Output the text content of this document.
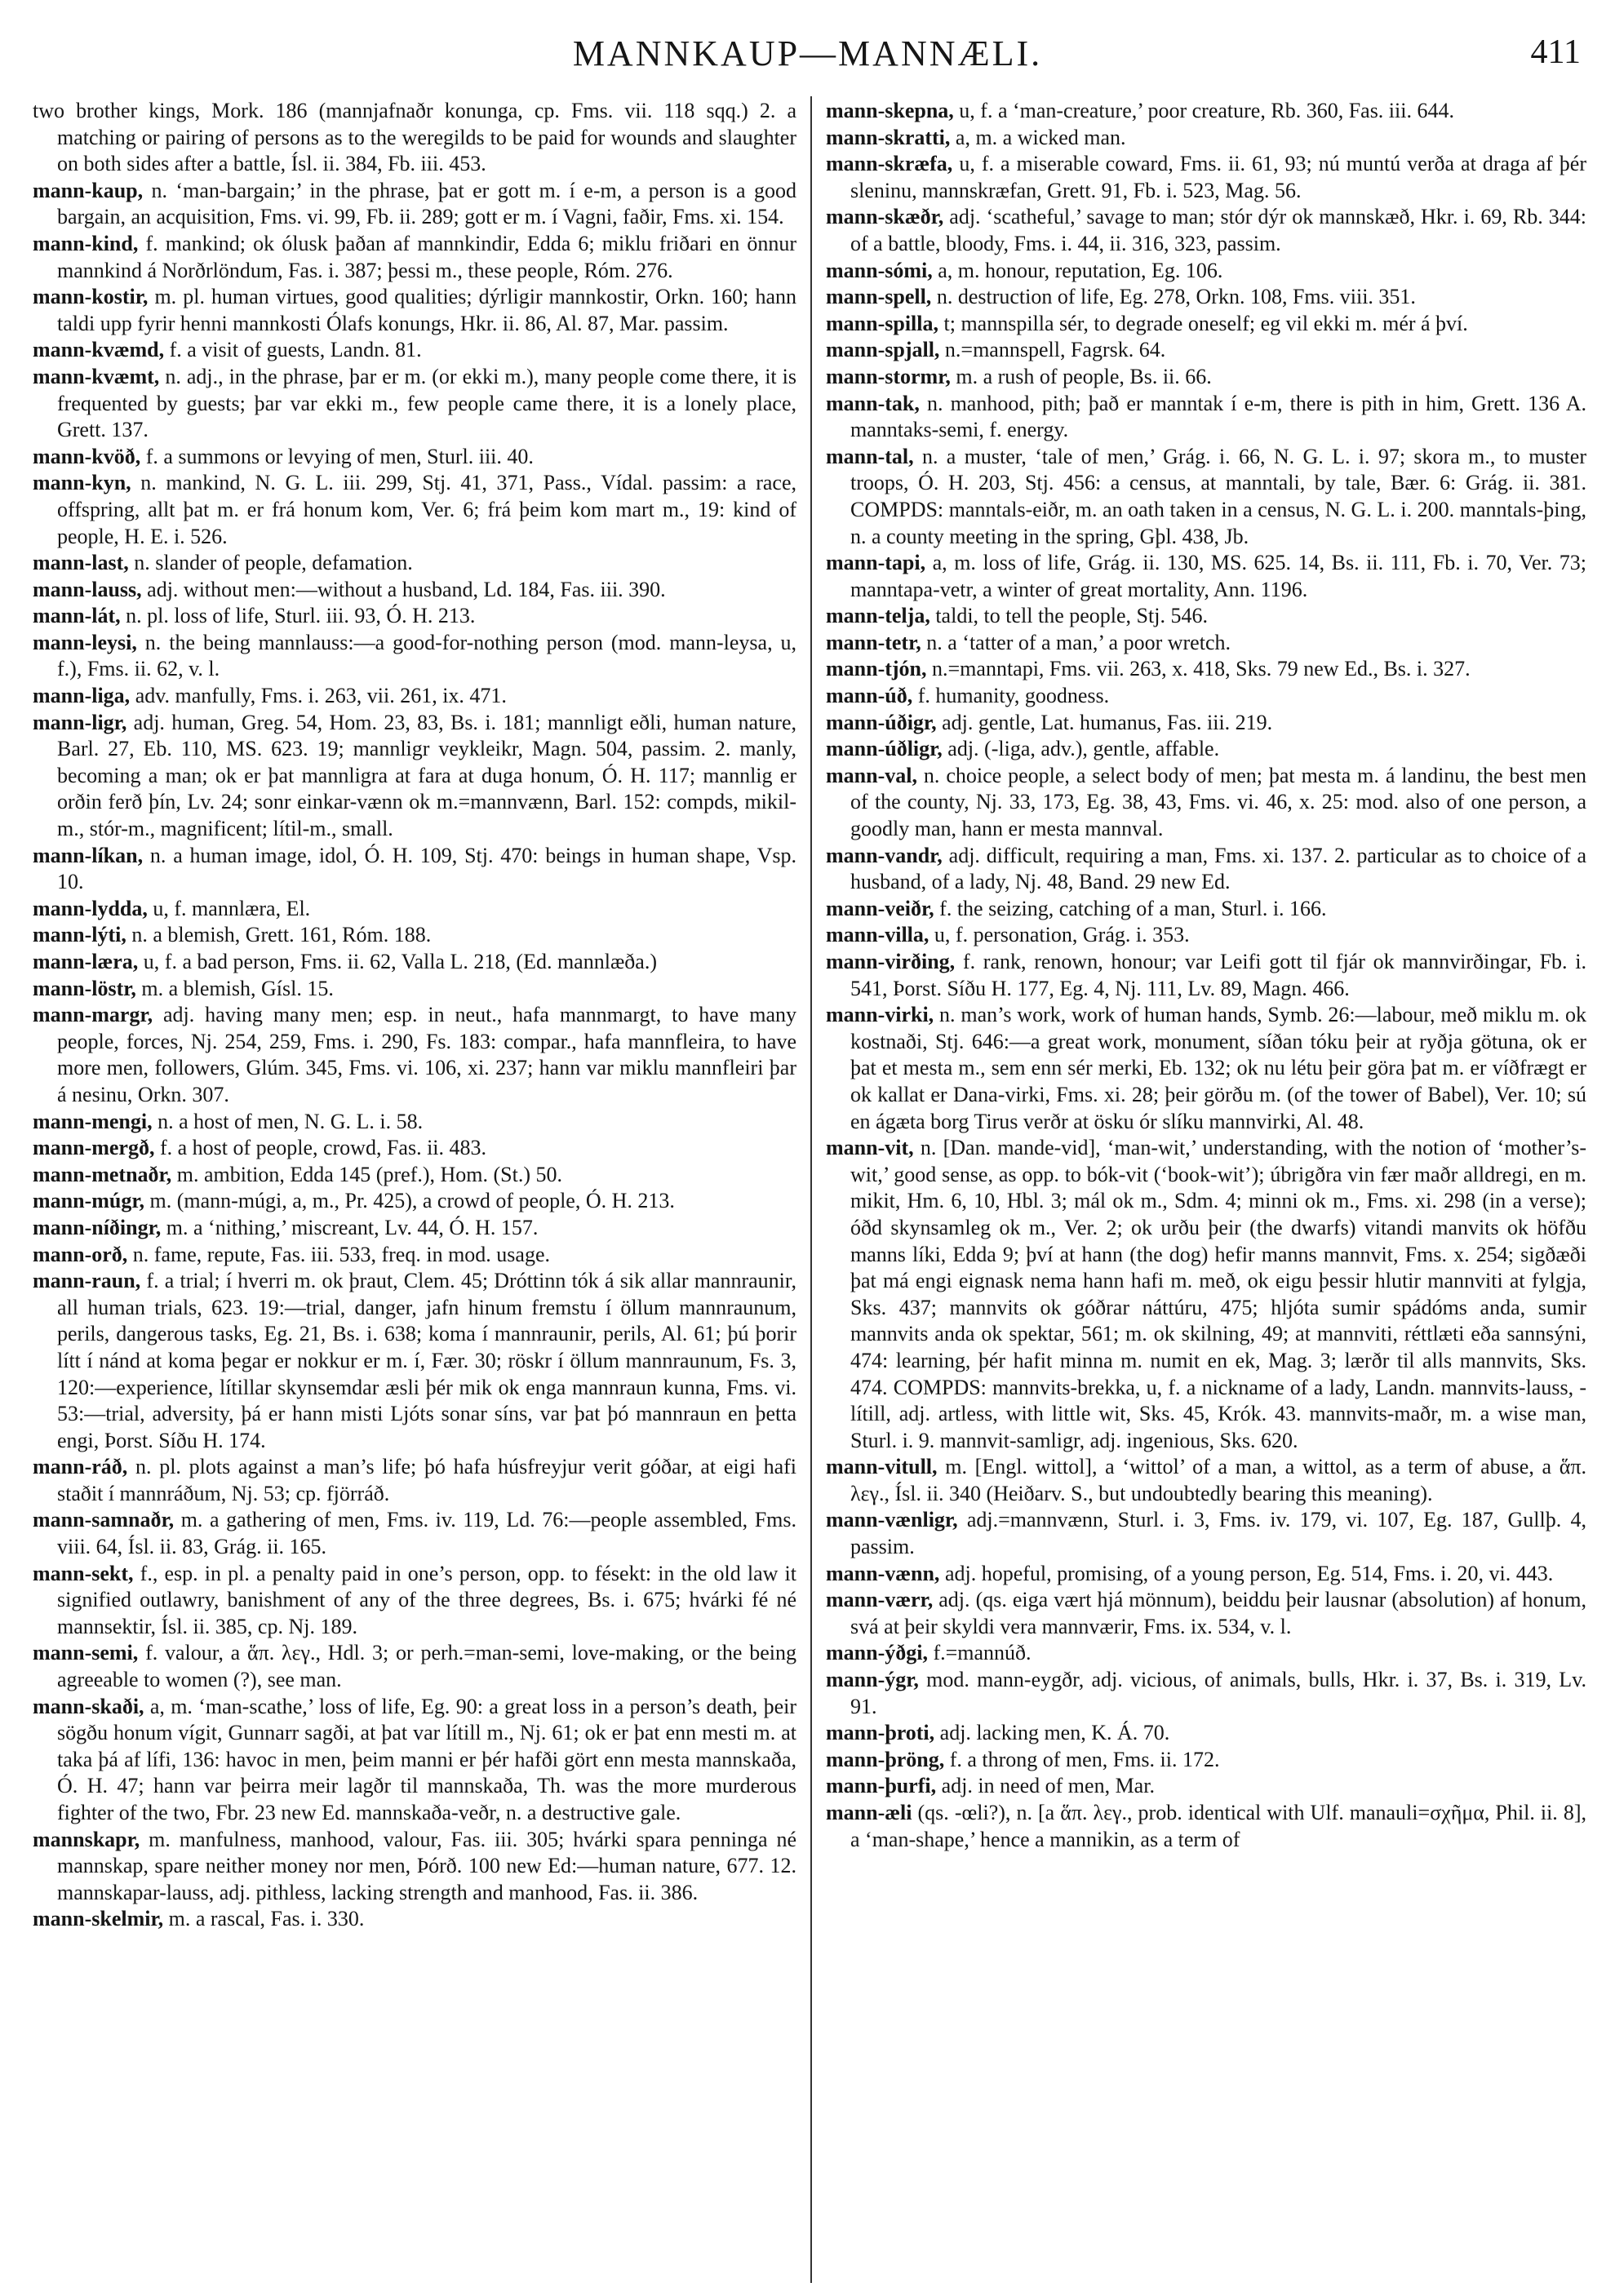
MANNKAUP—MANNÆLI.	411

two brother kings, Mork. 186 (mannjafnaðr konunga, cp. Fms. vii. 118 sqq.) 2. a matching or pairing of persons as to the weregilds to be paid for wounds and slaughter on both sides after a battle, Ísl. ii. 384, Fb. iii. 453.

mann-kaup, n. ‘man-bargain;’ in the phrase, þat er gott m. í e-m, a person is a good bargain, an acquisition, Fms. vi. 99, Fb. ii. 289; gott er m. í Vagni, faðir, Fms. xi. 154.

mann-kind, f. mankind; ok ólusk þaðan af mannkindir, Edda 6; miklu friðari en önnur mannkind á Norðrlöndum, Fas. i. 387; þessi m., these people, Róm. 276.

mann-kostir, m. pl. human virtues, good qualities; dýrligir mannkostir, Orkn. 160; hann taldi upp fyrir henni mannkosti Ólafs konungs, Hkr. ii. 86, Al. 87, Mar. passim.

mann-kvæmd, f. a visit of guests, Landn. 81.

mann-kvæmt, n. adj., in the phrase, þar er m. (or ekki m.), many people come there, it is frequented by guests; þar var ekki m., few people came there, it is a lonely place, Grett. 137.

mann-kvöð, f. a summons or levying of men, Sturl. iii. 40.

mann-kyn, n. mankind, N. G. L. iii. 299, Stj. 41, 371, Pass., Vídal. passim: a race, offspring, allt þat m. er frá honum kom, Ver. 6; frá þeim kom mart m., 19: kind of people, H. E. i. 526.

mann-last, n. slander of people, defamation.

mann-lauss, adj. without men:—without a husband, Ld. 184, Fas. iii. 390.

mann-lát, n. pl. loss of life, Sturl. iii. 93, Ó. H. 213.

mann-leysi, n. the being mannlauss:—a good-for-nothing person (mod. mann-leysa, u, f.), Fms. ii. 62, v. l.

mann-liga, adv. manfully, Fms. i. 263, vii. 261, ix. 471.

mann-ligr, adj. human, Greg. 54, Hom. 23, 83, Bs. i. 181; mannligt eðli, human nature, Barl. 27, Eb. 110, MS. 623. 19; mannligr veykleikr, Magn. 504, passim. 2. manly, becoming a man; ok er þat mannligra at fara at duga honum, Ó. H. 117; mannlig er orðin ferð þín, Lv. 24; sonr einkar-vænn ok m.=mannvænn, Barl. 152: compds, mikil-m., stór-m., magnificent; lítil-m., small.

mann-líkan, n. a human image, idol, Ó. H. 109, Stj. 470: beings in human shape, Vsp. 10.

mann-lydda, u, f. mannlæra, El.

mann-lýti, n. a blemish, Grett. 161, Róm. 188.

mann-læra, u, f. a bad person, Fms. ii. 62, Valla L. 218, (Ed. mannlæða.)

mann-löstr, m. a blemish, Gísl. 15.

mann-margr, adj. having many men; esp. in neut., hafa mannmargt, to have many people, forces, Nj. 254, 259, Fms. i. 290, Fs. 183: compar., hafa mannfleira, to have more men, followers, Glúm. 345, Fms. vi. 106, xi. 237; hann var miklu mannfleiri þar á nesinu, Orkn. 307.

mann-mengi, n. a host of men, N. G. L. i. 58.

mann-mergð, f. a host of people, crowd, Fas. ii. 483.

mann-metnaðr, m. ambition, Edda 145 (pref.), Hom. (St.) 50.

mann-múgr, m. (mann-múgi, a, m., Pr. 425), a crowd of people, Ó. H. 213.

mann-níðingr, m. a ‘nithing,’ miscreant, Lv. 44, Ó. H. 157.

mann-orð, n. fame, repute, Fas. iii. 533, freq. in mod. usage.

mann-raun, f. a trial; í hverri m. ok þraut, Clem. 45; Dróttinn tók á sik allar mannraunir, all human trials, 623. 19:—trial, danger, jafn hinum fremstu í öllum mannraunum, perils, dangerous tasks, Eg. 21, Bs. i. 638; koma í mannraunir, perils, Al. 61; þú þorir lítt í nánd at koma þegar er nokkur er m. í, Fær. 30; röskr í öllum mannraunum, Fs. 3, 120:—experience, lítillar skynsemdar æsli þér mik ok enga mannraun kunna, Fms. vi. 53:—trial, adversity, þá er hann misti Ljóts sonar síns, var þat þó mannraun en þetta engi, Þorst. Síðu H. 174.

mann-ráð, n. pl. plots against a man’s life; þó hafa húsfreyjur verit góðar, at eigi hafi staðit í mannráðum, Nj. 53; cp. fjörráð.

mann-samnaðr, m. a gathering of men, Fms. iv. 119, Ld. 76:—people assembled, Fms. viii. 64, Ísl. ii. 83, Grág. ii. 165.

mann-sekt, f., esp. in pl. a penalty paid in one’s person, opp. to fésekt: in the old law it signified outlawry, banishment of any of the three degrees, Bs. i. 675; hvárki fé né mannsektir, Ísl. ii. 385, cp. Nj. 189.

mann-semi, f. valour, a ἅπ. λεγ., Hdl. 3; or perh.=man-semi, love-making, or the being agreeable to women (?), see man.

mann-skaði, a, m. ‘man-scathe,’ loss of life, Eg. 90: a great loss in a person’s death, þeir sögðu honum vígit, Gunnarr sagði, at þat var lítill m., Nj. 61; ok er þat enn mesti m. at taka þá af lífi, 136: havoc in men, þeim manni er þér hafði gört enn mesta mannskaða, Ó. H. 47; hann var þeirra meir lagðr til mannskaða, Th. was the more murderous fighter of the two, Fbr. 23 new Ed. mannskaða-veðr, n. a destructive gale.

mannskapr, m. manfulness, manhood, valour, Fas. iii. 305; hvárki spara penninga né mannskap, spare neither money nor men, Þórð. 100 new Ed:—human nature, 677. 12. mannskapar-lauss, adj. pithless, lacking strength and manhood, Fas. ii. 386.

mann-skelmir, m. a rascal, Fas. i. 330.

mann-skepna, u, f. a ‘man-creature,’ poor creature, Rb. 360, Fas. iii. 644.

mann-skratti, a, m. a wicked man.

mann-skræfa, u, f. a miserable coward, Fms. ii. 61, 93; nú muntú verða at draga af þér sleninu, mannskræfan, Grett. 91, Fb. i. 523, Mag. 56.

mann-skæðr, adj. ‘scatheful,’ savage to man; stór dýr ok mannskæð, Hkr. i. 69, Rb. 344: of a battle, bloody, Fms. i. 44, ii. 316, 323, passim.

mann-sómi, a, m. honour, reputation, Eg. 106.

mann-spell, n. destruction of life, Eg. 278, Orkn. 108, Fms. viii. 351.

mann-spilla, t; mannspilla sér, to degrade oneself; eg vil ekki m. mér á því.

mann-spjall, n.=mannspell, Fagrsk. 64.

mann-stormr, m. a rush of people, Bs. ii. 66.

mann-tak, n. manhood, pith; það er manntak í e-m, there is pith in him, Grett. 136 A. manntaks-semi, f. energy.

mann-tal, n. a muster, ‘tale of men,’ Grág. i. 66, N. G. L. i. 97; skora m., to muster troops, Ó. H. 203, Stj. 456: a census, at manntali, by tale, Bær. 6: Grág. ii. 381. COMPDS: manntals-eiðr, m. an oath taken in a census, N. G. L. i. 200. manntals-þing, n. a county meeting in the spring, Gþl. 438, Jb.

mann-tapi, a, m. loss of life, Grág. ii. 130, MS. 625. 14, Bs. ii. 111, Fb. i. 70, Ver. 73; manntapa-vetr, a winter of great mortality, Ann. 1196.

mann-telja, taldi, to tell the people, Stj. 546.

mann-tetr, n. a ‘tatter of a man,’ a poor wretch.

mann-tjón, n.=manntapi, Fms. vii. 263, x. 418, Sks. 79 new Ed., Bs. i. 327.

mann-úð, f. humanity, goodness.

mann-úðigr, adj. gentle, Lat. humanus, Fas. iii. 219.

mann-úðligr, adj. (-liga, adv.), gentle, affable.

mann-val, n. choice people, a select body of men; þat mesta m. á landinu, the best men of the county, Nj. 33, 173, Eg. 38, 43, Fms. vi. 46, x. 25: mod. also of one person, a goodly man, hann er mesta mannval.

mann-vandr, adj. difficult, requiring a man, Fms. xi. 137. 2. particular as to choice of a husband, of a lady, Nj. 48, Band. 29 new Ed.

mann-veiðr, f. the seizing, catching of a man, Sturl. i. 166.

mann-villa, u, f. personation, Grág. i. 353.

mann-virðing, f. rank, renown, honour; var Leifi gott til fjár ok mannvirðingar, Fb. i. 541, Þorst. Síðu H. 177, Eg. 4, Nj. 111, Lv. 89, Magn. 466.

mann-virki, n. man’s work, work of human hands, Symb. 26:—labour, með miklu m. ok kostnaði, Stj. 646:—a great work, monument, síðan tóku þeir at ryðja götuna, ok er þat et mesta m., sem enn sér merki, Eb. 132; ok nu létu þeir göra þat m. er víðfrægt er ok kallat er Dana-virki, Fms. xi. 28; þeir görðu m. (of the tower of Babel), Ver. 10; sú en ágæta borg Tirus verðr at ösku ór slíku mannvirki, Al. 48.

mann-vit, n. [Dan. mande-vid], ‘man-wit,’ understanding, with the notion of ‘mother’s-wit,’ good sense, as opp. to bók-vit (‘book-wit’); úbrigðra vin fær maðr alldregi, en m. mikit, Hm. 6, 10, Hbl. 3; mál ok m., Sdm. 4; minni ok m., Fms. xi. 298 (in a verse); óðd skynsamleg ok m., Ver. 2; ok urðu þeir (the dwarfs) vitandi manvits ok höfðu manns líki, Edda 9; því at hann (the dog) hefir manns mannvit, Fms. x. 254; sigðæði þat má engi eignask nema hann hafi m. með, ok eigu þessir hlutir mannviti at fylgja, Sks. 437; mannvits ok góðrar náttúru, 475; hljóta sumir spádóms anda, sumir mannvits anda ok spektar, 561; m. ok skilning, 49; at mannviti, réttlæti eða sannsýni, 474: learning, þér hafit minna m. numit en ek, Mag. 3; lærðr til alls mannvits, Sks. 474. COMPDS: mannvits-brekka, u, f. a nickname of a lady, Landn. mannvits-lauss, -lítill, adj. artless, with little wit, Sks. 45, Krók. 43. mannvits-maðr, m. a wise man, Sturl. i. 9. mannvit-samligr, adj. ingenious, Sks. 620.

mann-vitull, m. [Engl. wittol], a ‘wittol’ of a man, a wittol, as a term of abuse, a ἅπ. λεγ., Ísl. ii. 340 (Heiðarv. S., but undoubtedly bearing this meaning).

mann-vænligr, adj.=mannvænn, Sturl. i. 3, Fms. iv. 179, vi. 107, Eg. 187, Gullþ. 4, passim.

mann-vænn, adj. hopeful, promising, of a young person, Eg. 514, Fms. i. 20, vi. 443.

mann-værr, adj. (qs. eiga vært hjá mönnum), beiddu þeir lausnar (absolution) af honum, svá at þeir skyldi vera mannværir, Fms. ix. 534, v. l.

mann-ýðgi, f.=mannúð.

mann-ýgr, mod. mann-eygðr, adj. vicious, of animals, bulls, Hkr. i. 37, Bs. i. 319, Lv. 91.

mann-þroti, adj. lacking men, K. Á. 70.

mann-þröng, f. a throng of men, Fms. ii. 172.

mann-þurfi, adj. in need of men, Mar.

mann-æli (qs. -œli?), n. [a ἅπ. λεγ., prob. identical with Ulf. manauli=σχῆμα, Phil. ii. 8], a ‘man-shape,’ hence a mannikin, as a term of
